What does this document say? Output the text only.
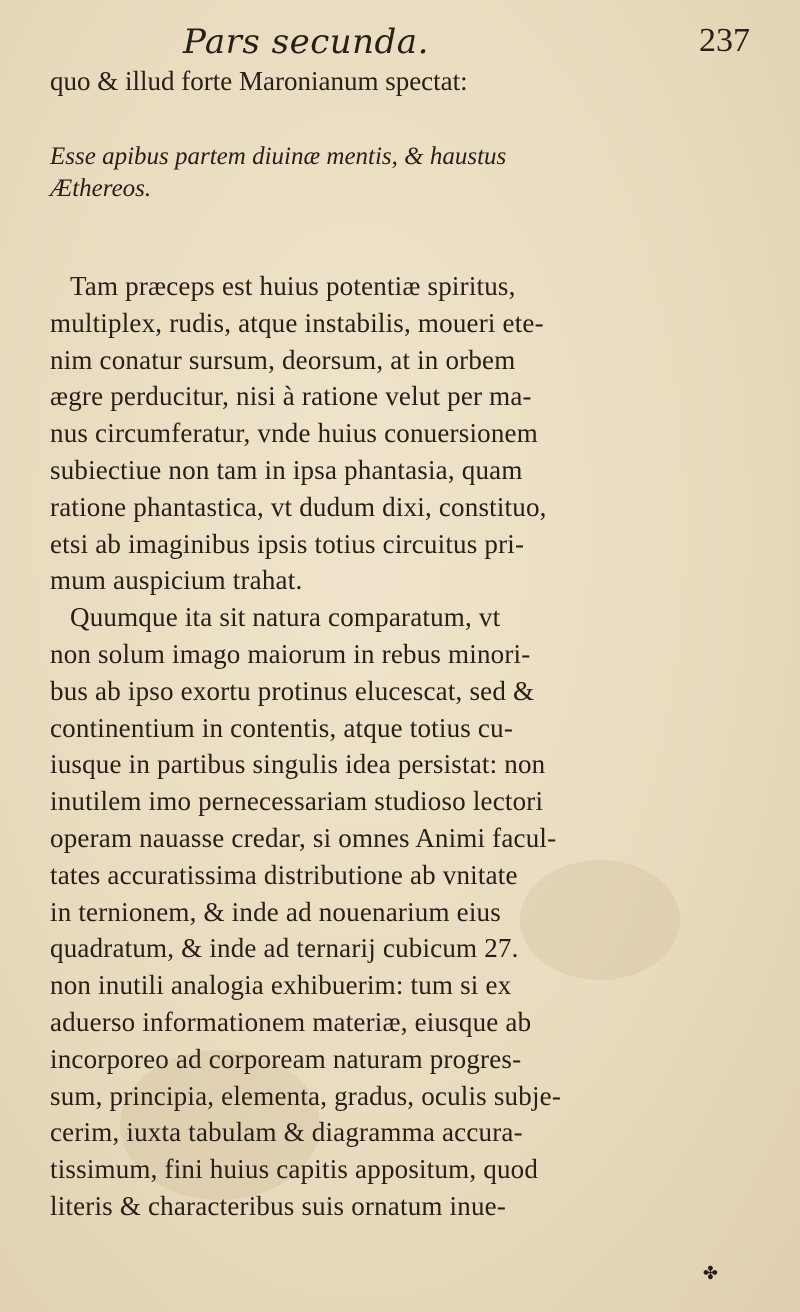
Pars secunda.	237
quo & illud forte Maronianum spectat:
Esse apibus partem diuinæ mentis, & haustus
Æthereos.
Tam præceps est huius potentiæ spiritus,
multiplex, rudis, atque instabilis, moueri ete-
nim conatur sursum, deorsum, at in orbem
ægre perducitur, nisi à ratione velut per ma-
nus circumferatur, vnde huius conuersionem
subiectiue non tam in ipsa phantasia, quam
ratione phantastica, vt dudum dixi, constituo,
etsi ab imaginibus ipsis totius circuitus pri-
mum auspicium trahat.
Quumque ita sit natura comparatum, vt
non solum imago maiorum in rebus minori-
bus ab ipso exortu protinus elucescat, sed &
continentium in contentis, atque totius cu-
iusque in partibus singulis idea persistat: non
inutilem imo pernecessariam studioso lectori
operam nauasse credar, si omnes Animi facul-
tates accuratissima distributione ab vnitate
in ternionem, & inde ad nouenarium eius
quadratum, & inde ad ternarij cubicum 27.
non inutili analogia exhibuerim: tum si ex
aduerso informationem materiæ, eiusque ab
incorporeo ad corpoream naturam progres-
sum, principia, elementa, gradus, oculis subje-
cerim, iuxta tabulam & diagramma accura-
tissimum, fini huius capitis appositum, quod
literis & characteribus suis ornatum inue-
✤
